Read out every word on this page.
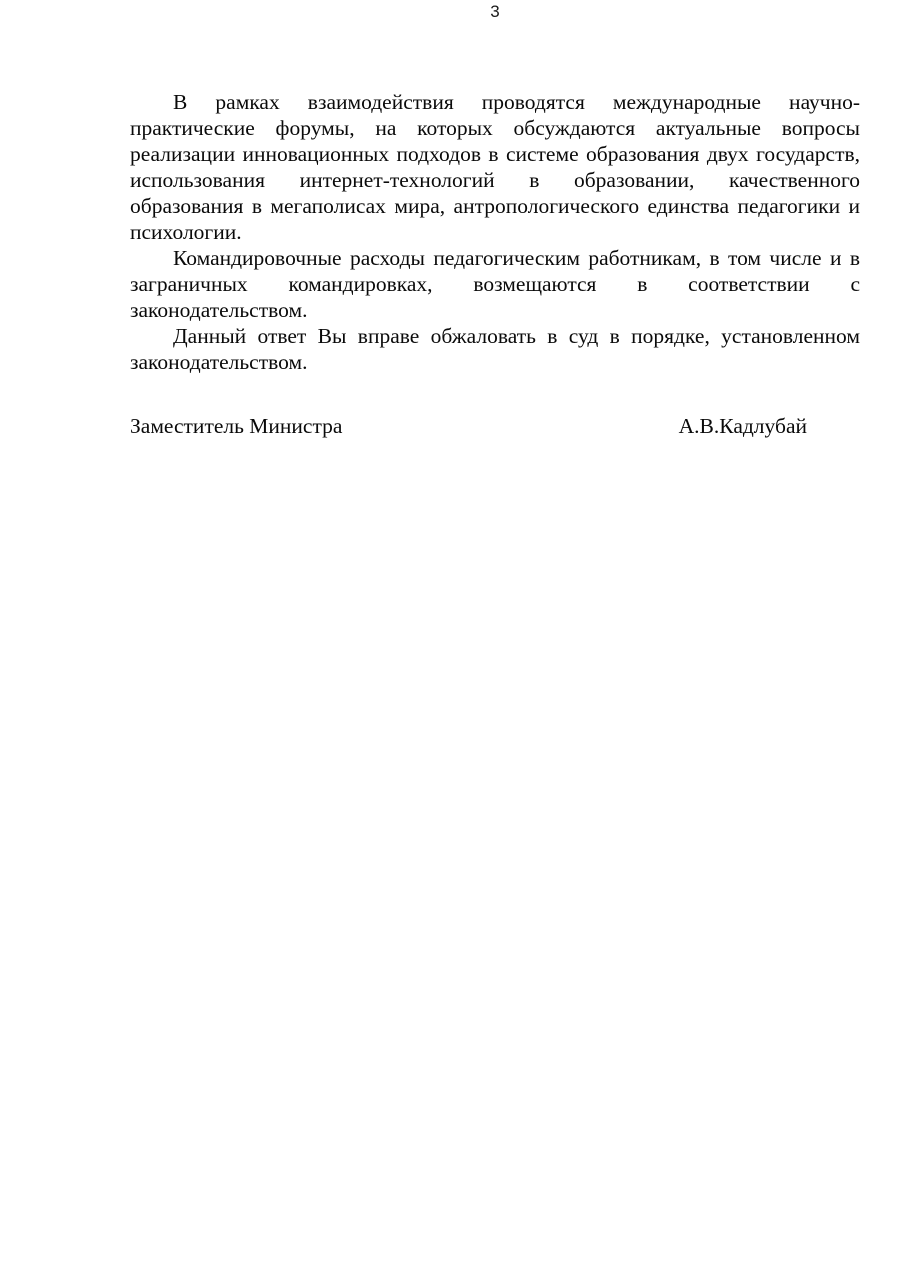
3
В рамках взаимодействия проводятся международные научно-
практические форумы, на которых обсуждаются актуальные вопросы
реализации инновационных подходов в системе образования двух государств,
использования интернет-технологий в образовании, качественного
образования в мегаполисах мира, антропологического единства педагогики и
психологии.
Командировочные расходы педагогическим работникам, в том числе и в
заграничных командировках, возмещаются в соответствии с
законодательством.
Данный ответ Вы вправе обжаловать в суд в порядке, установленном
законодательством.
Заместитель Министра	А.В.Кадлубай
